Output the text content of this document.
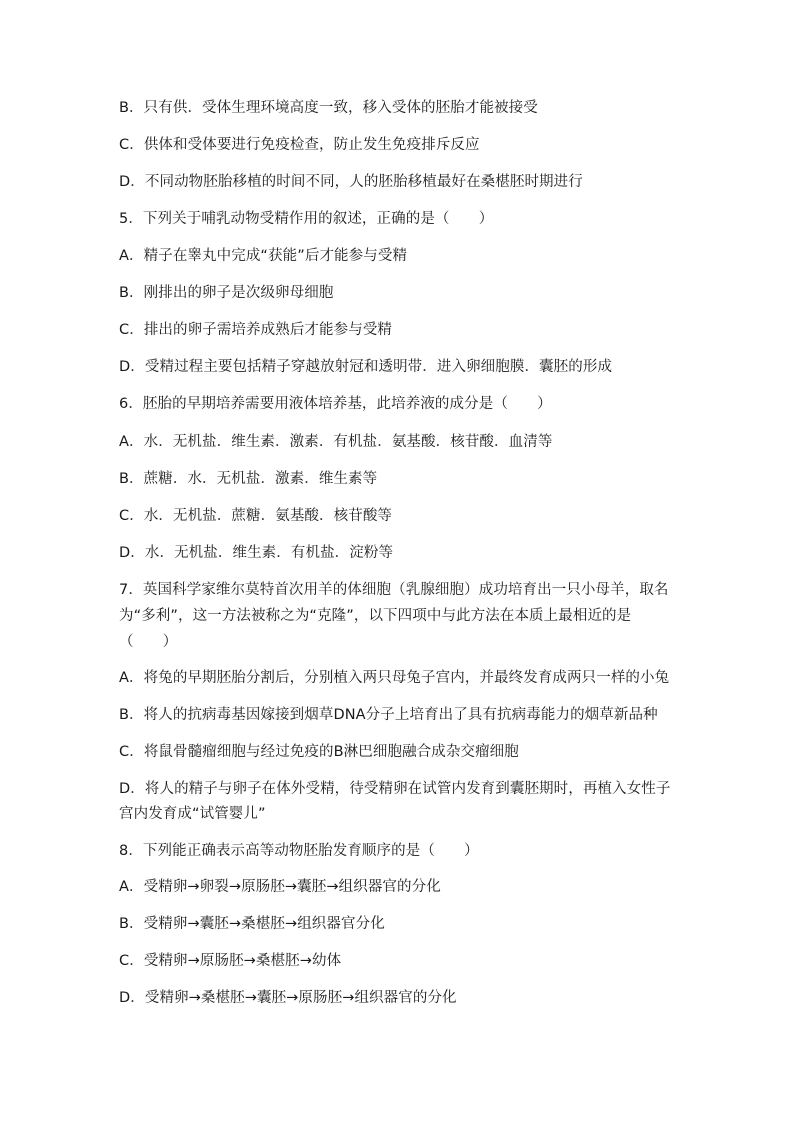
B．只有供．受体生理环境高度一致，移入受体的胚胎才能被接受
C．供体和受体要进行免疫检查，防止发生免疫排斥反应
D．不同动物胚胎移植的时间不同，人的胚胎移植最好在桑椹胚时期进行
5．下列关于哺乳动物受精作用的叙述，正确的是（　　）
A．精子在睾丸中完成“获能”后才能参与受精
B．刚排出的卵子是次级卵母细胞
C．排出的卵子需培养成熟后才能参与受精
D．受精过程主要包括精子穿越放射冠和透明带．进入卵细胞膜．囊胚的形成
6．胚胎的早期培养需要用液体培养基，此培养液的成分是（　　）
A．水．无机盐．维生素．激素．有机盐．氨基酸．核苷酸．血清等
B．蔗糖．水．无机盐．激素．维生素等
C．水．无机盐．蔗糖．氨基酸．核苷酸等
D．水．无机盐．维生素．有机盐．淀粉等
7．英国科学家维尔莫特首次用羊的体细胞（乳腺细胞）成功培育出一只小母羊，取名
为“多利”，这一方法被称之为“克隆”，以下四项中与此方法在本质上最相近的是
（　　）
A．将兔的早期胚胎分割后，分别植入两只母兔子宫内，并最终发育成两只一样的小兔
B．将人的抗病毒基因嫁接到烟草DNA分子上培育出了具有抗病毒能力的烟草新品种
C．将鼠骨髓瘤细胞与经过免疫的B淋巴细胞融合成杂交瘤细胞
D．将人的精子与卵子在体外受精，待受精卵在试管内发育到囊胚期时，再植入女性子
宫内发育成“试管婴儿”
8．下列能正确表示高等动物胚胎发育顺序的是（　　）
A．受精卵→卵裂→原肠胚→囊胚→组织器官的分化
B．受精卵→囊胚→桑椹胚→组织器官分化
C．受精卵→原肠胚→桑椹胚→幼体
D．受精卵→桑椹胚→囊胚→原肠胚→组织器官的分化
